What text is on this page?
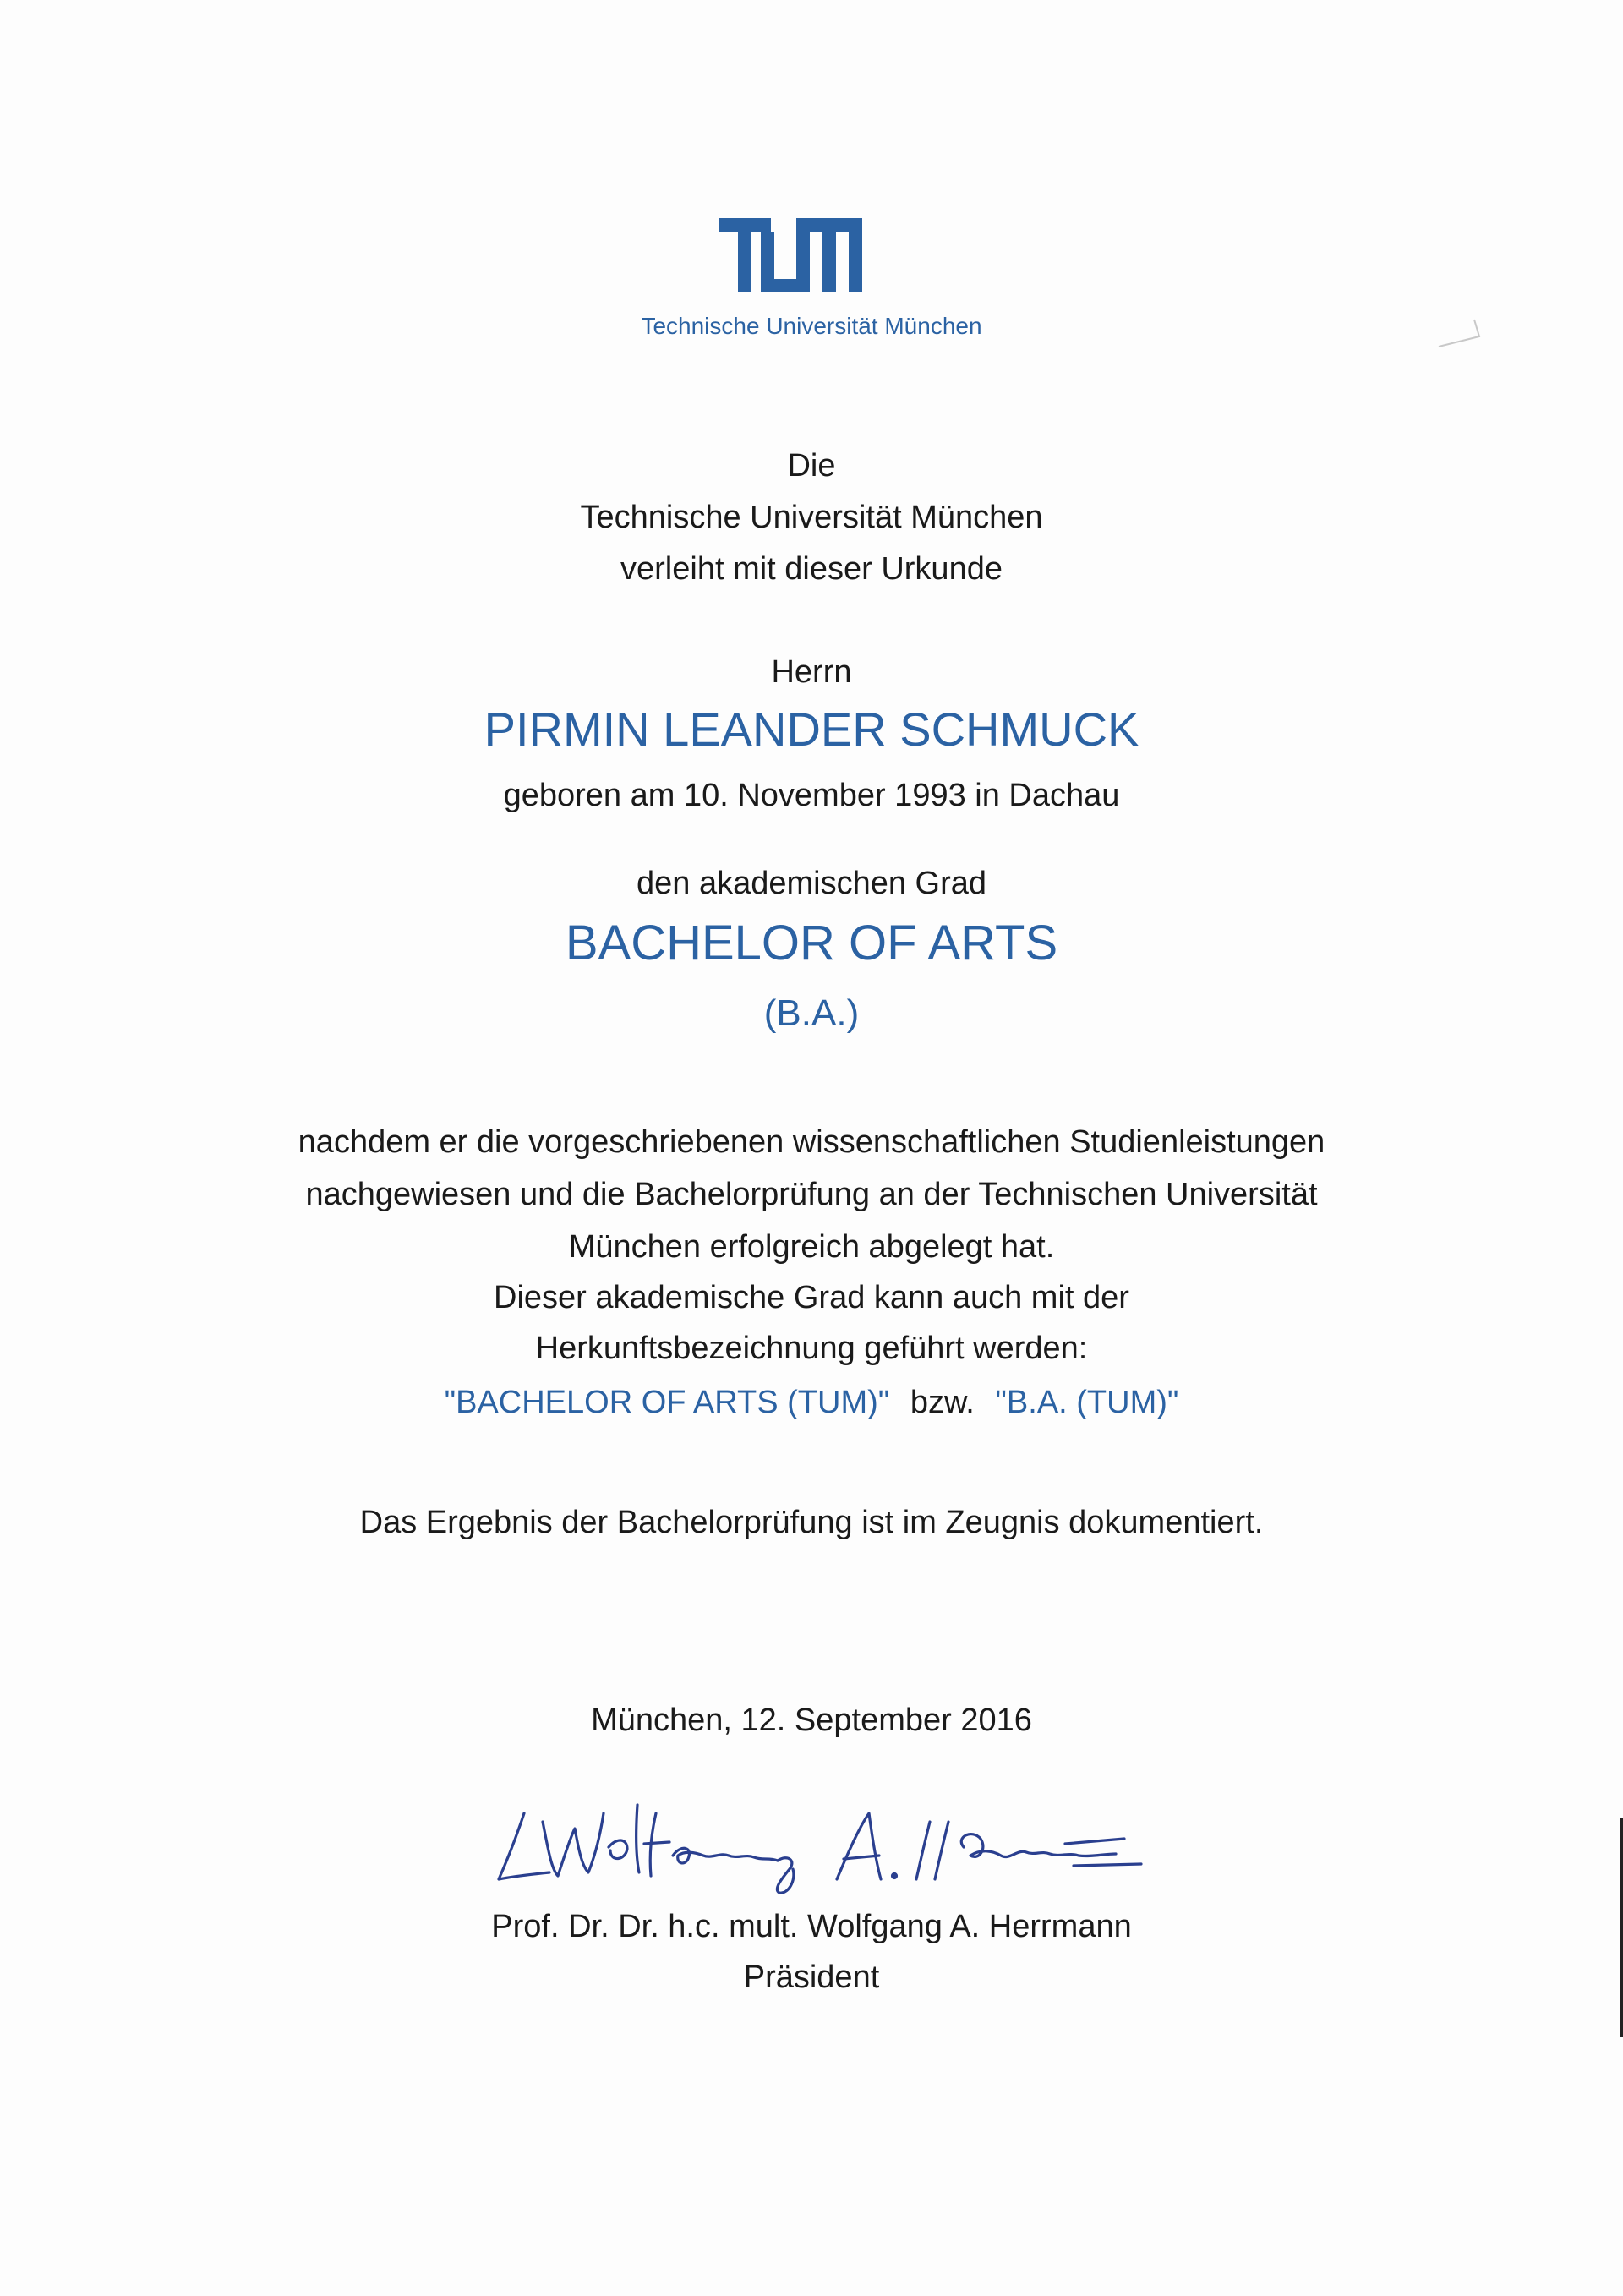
Technische Universität München
Die
Technische Universität München
verleiht mit dieser Urkunde
Herrn
PIRMIN LEANDER SCHMUCK
geboren am 10. November 1993 in Dachau
den akademischen Grad
BACHELOR OF ARTS
(B.A.)
nachdem er die vorgeschriebenen wissenschaftlichen Studienleistungen
nachgewiesen und die Bachelorprüfung an der Technischen Universität
München erfolgreich abgelegt hat.
Dieser akademische Grad kann auch mit der
Herkunftsbezeichnung geführt werden:
"BACHELOR OF ARTS (TUM)" bzw. "B.A. (TUM)"
Das Ergebnis der Bachelorprüfung ist im Zeugnis dokumentiert.
München, 12. September 2016
Prof. Dr. Dr. h.c. mult. Wolfgang A. Herrmann
Präsident
